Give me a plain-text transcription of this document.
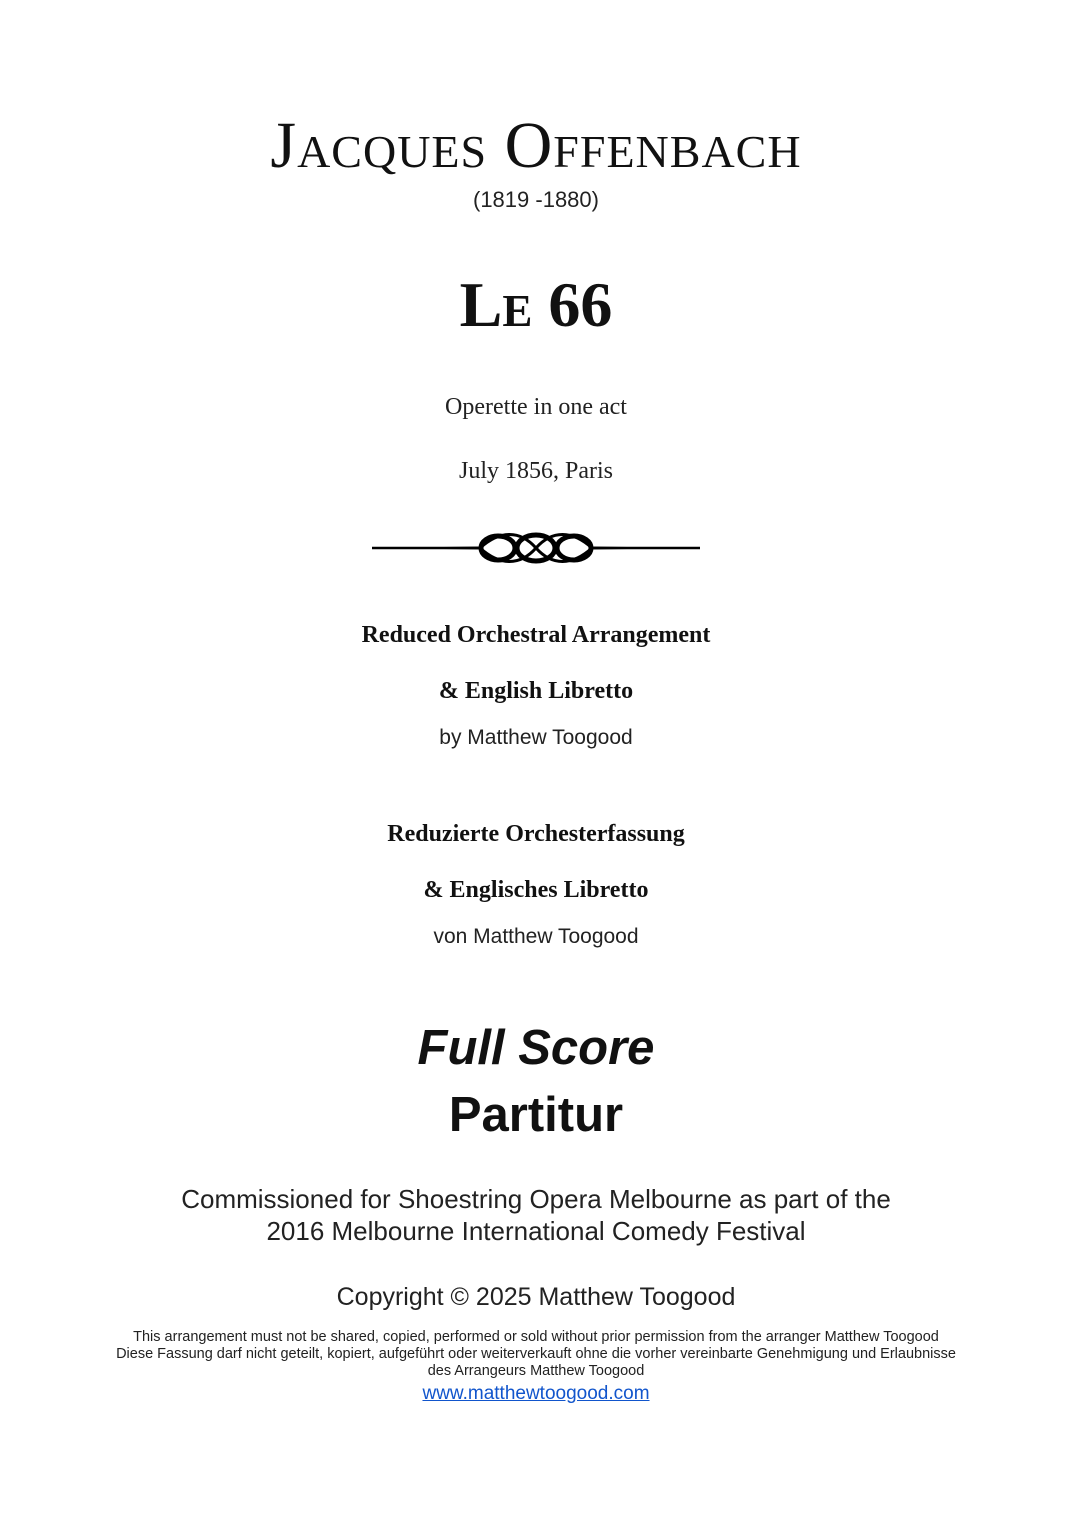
Jacques Offenbach
(1819 -1880)
Le 66
Operette in one act
July 1856, Paris
Reduced Orchestral Arrangement
& English Libretto
by Matthew Toogood
Reduzierte Orchesterfassung
& Englisches Libretto
von Matthew Toogood
Full Score
Partitur
Commissioned for Shoestring Opera Melbourne as part of the
2016 Melbourne International Comedy Festival
Copyright © 2025 Matthew Toogood
This arrangement must not be shared, copied, performed or sold without prior permission from the arranger Matthew Toogood
Diese Fassung darf nicht geteilt, kopiert, aufgeführt oder weiterverkauft ohne die vorher vereinbarte Genehmigung und Erlaubnisse
des Arrangeurs Matthew Toogood
www.matthewtoogood.com
